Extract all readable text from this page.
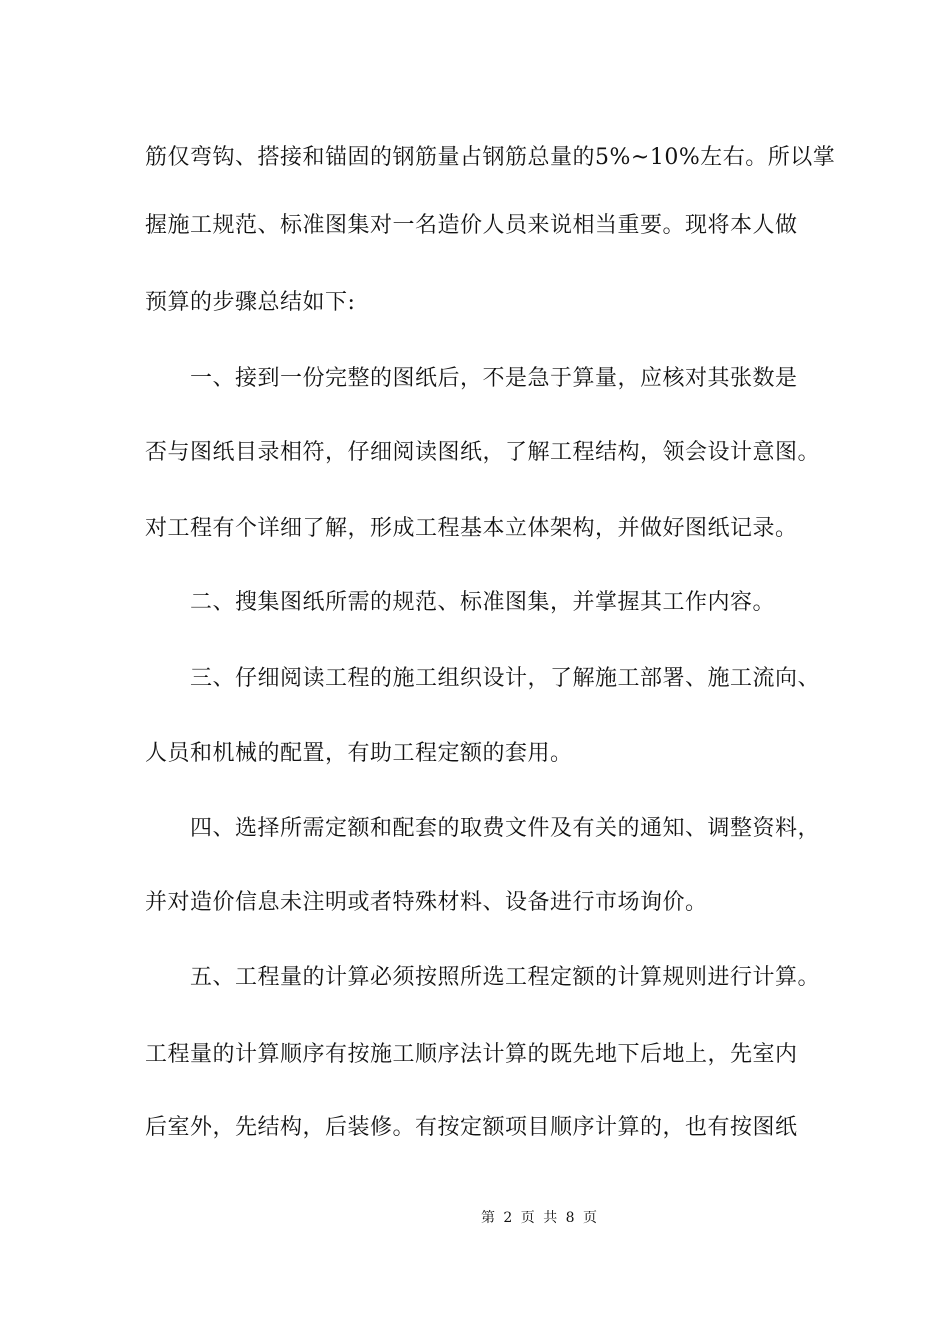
筋仅弯钩、搭接和锚固的钢筋量占钢筋总量的5%~10%左右。所以掌
握施工规范、标准图集对一名造价人员来说相当重要。现将本人做
预算的步骤总结如下:
一、接到一份完整的图纸后，不是急于算量，应核对其张数是
否与图纸目录相符，仔细阅读图纸，了解工程结构，领会设计意图。
对工程有个详细了解，形成工程基本立体架构，并做好图纸记录。
二、搜集图纸所需的规范、标准图集，并掌握其工作内容。
三、仔细阅读工程的施工组织设计，了解施工部署、施工流向、
人员和机械的配置，有助工程定额的套用。
四、选择所需定额和配套的取费文件及有关的通知、调整资料，
并对造价信息未注明或者特殊材料、设备进行市场询价。
五、工程量的计算必须按照所选工程定额的计算规则进行计算。
工程量的计算顺序有按施工顺序法计算的既先地下后地上，先室内
后室外，先结构，后装修。有按定额项目顺序计算的，也有按图纸
第 2 页 共 8 页
